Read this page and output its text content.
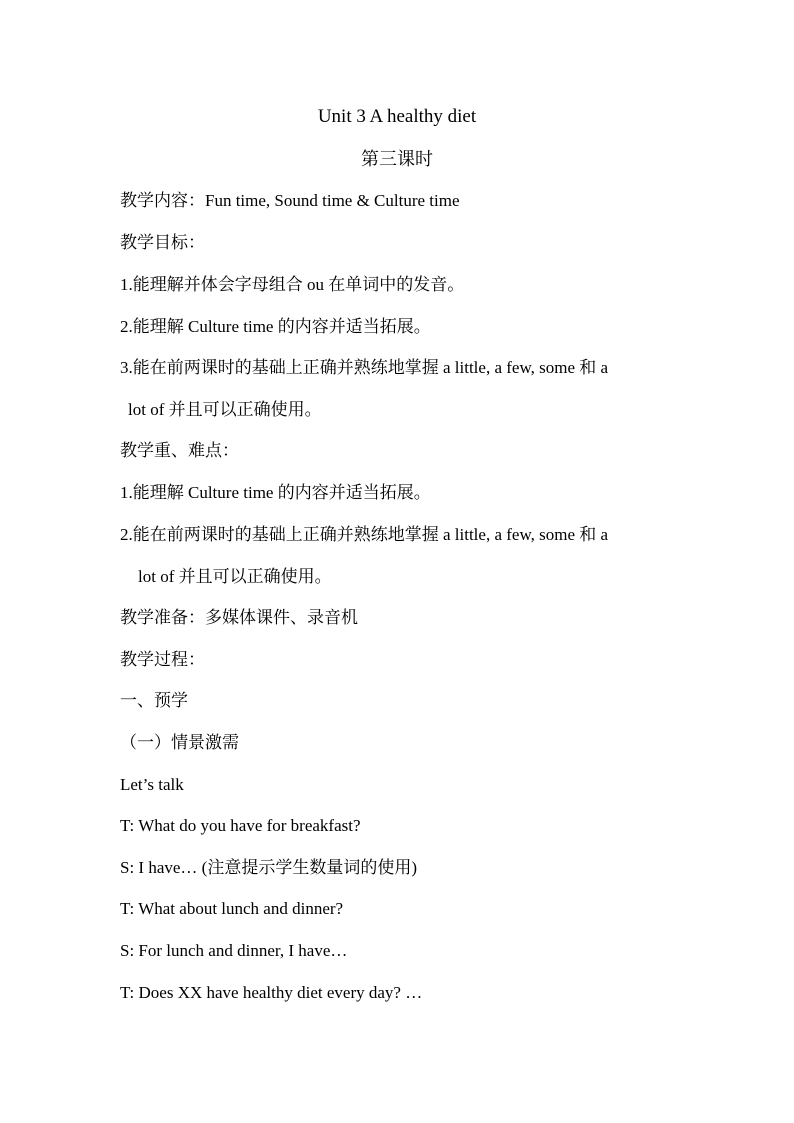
Unit 3 A healthy diet
第三课时
教学内容：Fun time, Sound time & Culture time
教学目标：
1.能理解并体会字母组合 ou 在单词中的发音。
2.能理解 Culture time 的内容并适当拓展。
3.能在前两课时的基础上正确并熟练地掌握 a little, a few, some 和 a
lot of 并且可以正确使用。
教学重、难点：
1.能理解 Culture time 的内容并适当拓展。
2.能在前两课时的基础上正确并熟练地掌握 a little, a few, some 和 a
lot of 并且可以正确使用。
教学准备：多媒体课件、录音机
教学过程：
一、预学
（一）情景激需
Let’s talk
T: What do you have for breakfast?
S: I have… (注意提示学生数量词的使用)
T: What about lunch and dinner?
S: For lunch and dinner, I have…
T: Does XX have healthy diet every day? …
